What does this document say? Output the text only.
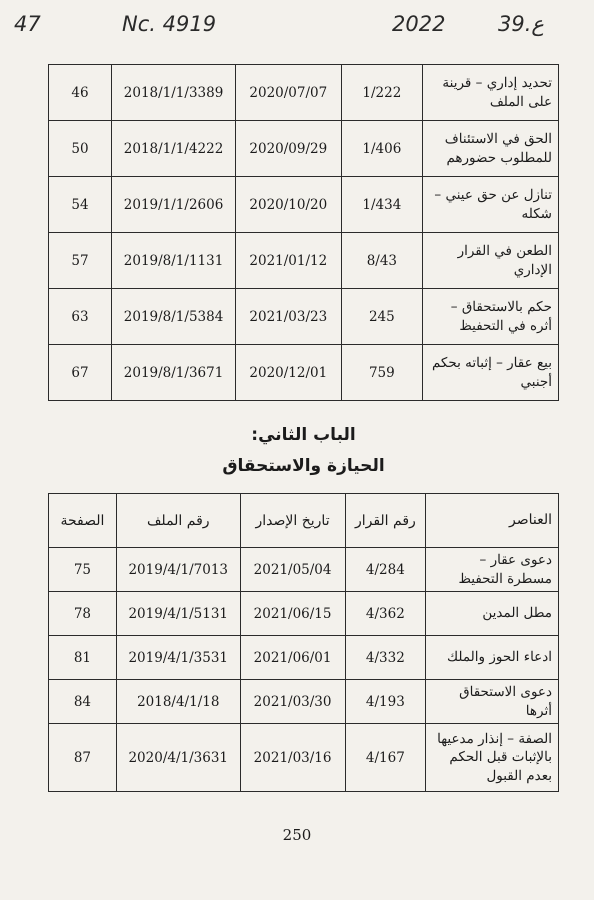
47	Nc. 4919	2022	39.ع
تحديد إداري – قرينة على الملف	1/222	2020/07/07	2018/1/1/3389	46
الحق في الاستئناف للمطلوب حضورهم	1/406	2020/09/29	2018/1/1/4222	50
تنازل عن حق عيني – شكله	1/434	2020/10/20	2019/1/1/2606	54
الطعن في القرار الإداري	8/43	2021/01/12	2019/8/1/1131	57
حكم بالاستحقاق – أثره في التحفيظ	245	2021/03/23	2019/8/1/5384	63
بيع عقار – إثباته بحكم أجنبي	759	2020/12/01	2019/8/1/3671	67
الباب الثاني:
الحيازة والاستحقاق
العناصر	رقم القرار	تاريخ الإصدار	رقم الملف	الصفحة
دعوى عقار – مسطرة التحفيظ	4/284	2021/05/04	2019/4/1/7013	75
مطل المدين	4/362	2021/06/15	2019/4/1/5131	78
ادعاء الحوز والملك	4/332	2021/06/01	2019/4/1/3531	81
دعوى الاستحقاق أثرها	4/193	2021/03/30	2018/4/1/18	84
الصفة – إنذار مدعيها بالإثبات قبل الحكم بعدم القبول	4/167	2021/03/16	2020/4/1/3631	87
250
